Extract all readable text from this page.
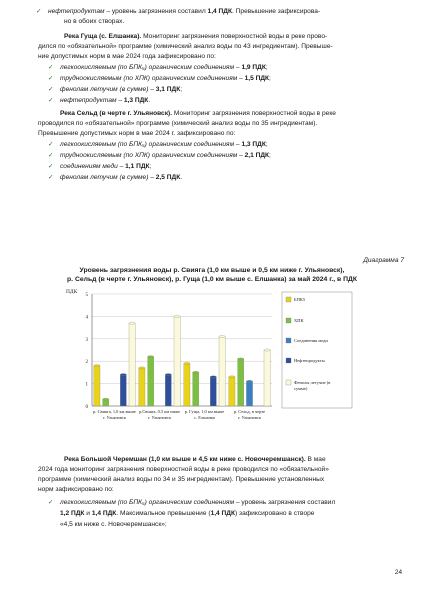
✓ нефтепродуктам – уровень загрязнения составил 1,4 ПДК. Превышение зафиксирова-
но в обоих створах.
Река Гуща (с. Елшанка). Мониторинг загрязнения поверхностной воды в реке прово-
дился по «обязательной» программе (химический анализ воды по 43 ингредиентам). Превыше-
ние допустимых норм в мае 2024 года зафиксировано по:
✓ легкоокисляемым (по БПК₅) органическим соединениям – 1,9 ПДК;
✓ трудноокисляемым (по ХПК) органическим соединениям – 1,5 ПДК;
✓ фенолам летучим (в сумме) – 3,1 ПДК;
✓ нефтепродуктам – 1,3 ПДК.
Река Сельд (в черте г. Ульяновск). Мониторинг загрязнения поверхностной воды в реке
проводился по «обязательной» программе (химический анализ воды по 35 ингредиентам).
Превышение допустимых норм в мае 2024 г. зафиксировано по:
✓ легкоокисляемым (по БПК₅) органическим соединениям – 1,3 ПДК;
✓ трудноокисляемым (по ХПК) органическим соединениям – 2,1 ПДК;
✓ соединениям меди – 1,1 ПДК;
✓ фенолам летучим (в сумме) – 2,5 ПДК.
Диаграмма 7
Уровень загрязнения воды р. Свияга (1,0 км выше и 0,5 км ниже г. Ульяновск),
р. Сельд (в черте г. Ульяновск), р. Гуща (1,0 км выше с. Елшанка) за май 2024 г., в ПДК
0
1
2
3
4
5
ПДК
р. Свияга, 1,0 км выше
г. Ульяновск
р.Свияга, 0,5 км ниже
г. Ульяновск
р. Гуща, 1,0 км выше
с. Елшанка
р. Сельд, в черте
г. Ульяновск
БПК5
ХПК
Соединения меди
Нефтепродукты
Фенолы летучие (в сумме)
Река Большой Черемшан (1,0 км выше и 4,5 км ниже с. Новочеремшанск). В мае
2024 года мониторинг загрязнения поверхностной воды в реке проводился по «обязательной»
программе (химический анализ воды по 34 и 35 ингредиентам). Превышение установленных
норм зафиксировано по:
✓ легкоокисляемым (по БПК₅) органическим соединениям – уровень загрязнения составил
1,2 ПДК и 1,4 ПДК. Максимальное превышение (1,4 ПДК) зафиксировано в створе
«4,5 км ниже с. Новочеремшанск»;
24
